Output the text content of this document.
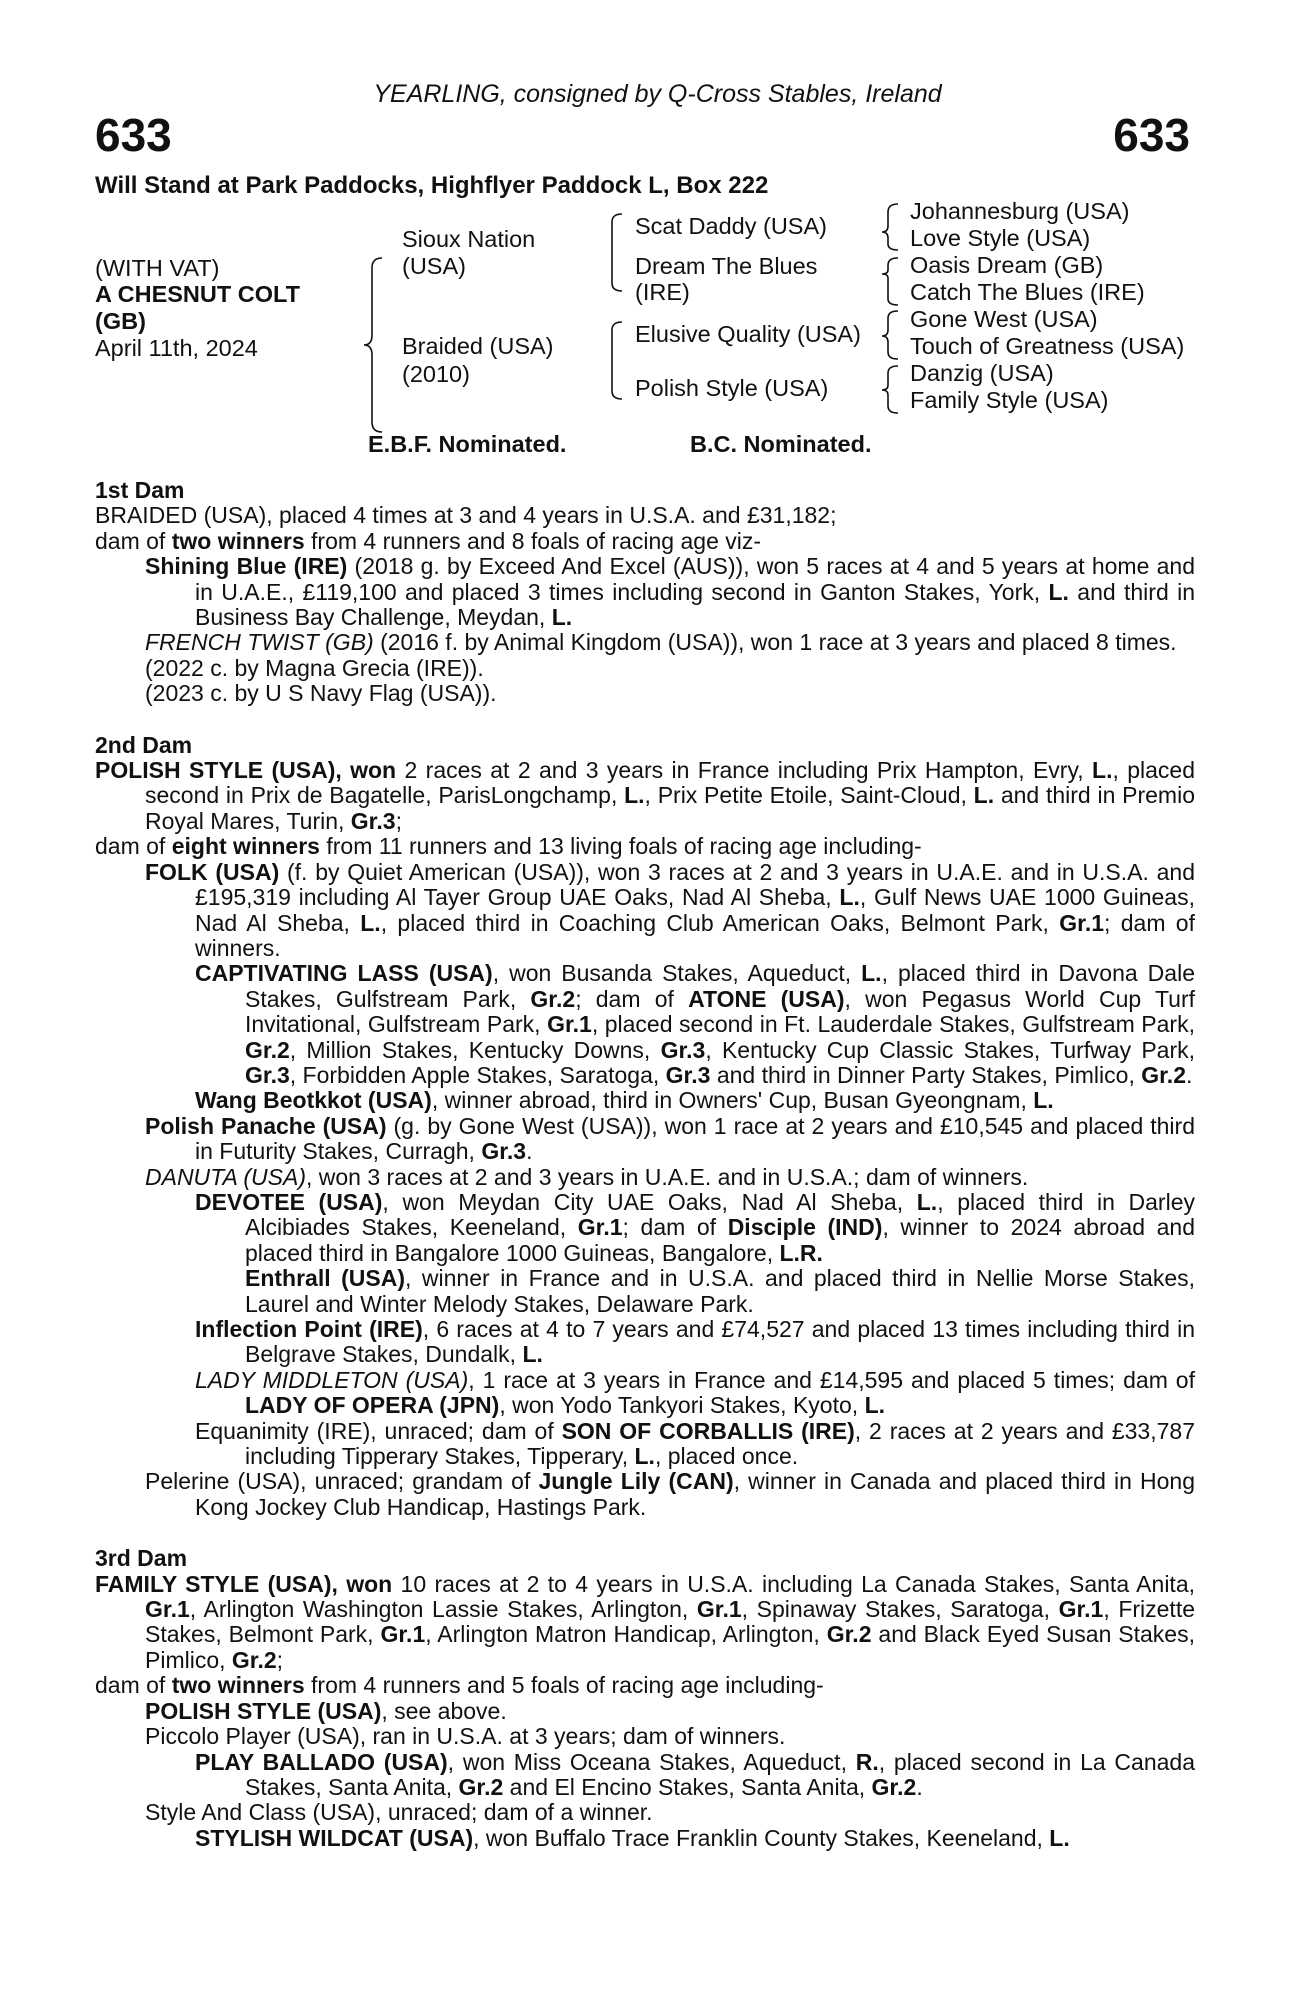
YEARLING, consigned by Q-Cross Stables, Ireland
633	633
Will Stand at Park Paddocks, Highflyer Paddock L, Box 222
(WITH VAT)
A CHESNUT COLT
(GB)
April 11th, 2024
Sioux Nation
(USA)
Braided (USA)
(2010)
Scat Daddy (USA)
Dream The Blues
(IRE)
Elusive Quality (USA)
Polish Style (USA)
Johannesburg (USA)
Love Style (USA)
Oasis Dream (GB)
Catch The Blues (IRE)
Gone West (USA)
Touch of Greatness (USA)
Danzig (USA)
Family Style (USA)
E.B.F. Nominated.	B.C. Nominated.
1st Dam
BRAIDED (USA), placed 4 times at 3 and 4 years in U.S.A. and £31,182;
dam of two winners from 4 runners and 8 foals of racing age viz-
Shining Blue (IRE) (2018 g. by Exceed And Excel (AUS)), won 5 races at 4 and 5 years at home and in U.A.E., £119,100 and placed 3 times including second in Ganton Stakes, York, L. and third in Business Bay Challenge, Meydan, L.
FRENCH TWIST (GB) (2016 f. by Animal Kingdom (USA)), won 1 race at 3 years and placed 8 times.
(2022 c. by Magna Grecia (IRE)).
(2023 c. by U S Navy Flag (USA)).
2nd Dam
POLISH STYLE (USA), won 2 races at 2 and 3 years in France including Prix Hampton, Evry, L., placed second in Prix de Bagatelle, ParisLongchamp, L., Prix Petite Etoile, Saint-Cloud, L. and third in Premio Royal Mares, Turin, Gr.3;
dam of eight winners from 11 runners and 13 living foals of racing age including-
FOLK (USA) (f. by Quiet American (USA)), won 3 races at 2 and 3 years in U.A.E. and in U.S.A. and £195,319 including Al Tayer Group UAE Oaks, Nad Al Sheba, L., Gulf News UAE 1000 Guineas, Nad Al Sheba, L., placed third in Coaching Club American Oaks, Belmont Park, Gr.1; dam of winners.
CAPTIVATING LASS (USA), won Busanda Stakes, Aqueduct, L., placed third in Davona Dale Stakes, Gulfstream Park, Gr.2; dam of ATONE (USA), won Pegasus World Cup Turf Invitational, Gulfstream Park, Gr.1, placed second in Ft. Lauderdale Stakes, Gulfstream Park, Gr.2, Million Stakes, Kentucky Downs, Gr.3, Kentucky Cup Classic Stakes, Turfway Park, Gr.3, Forbidden Apple Stakes, Saratoga, Gr.3 and third in Dinner Party Stakes, Pimlico, Gr.2.
Wang Beotkkot (USA), winner abroad, third in Owners' Cup, Busan Gyeongnam, L.
Polish Panache (USA) (g. by Gone West (USA)), won 1 race at 2 years and £10,545 and placed third in Futurity Stakes, Curragh, Gr.3.
DANUTA (USA), won 3 races at 2 and 3 years in U.A.E. and in U.S.A.; dam of winners.
DEVOTEE (USA), won Meydan City UAE Oaks, Nad Al Sheba, L., placed third in Darley Alcibiades Stakes, Keeneland, Gr.1; dam of Disciple (IND), winner to 2024 abroad and placed third in Bangalore 1000 Guineas, Bangalore, L.R.
Enthrall (USA), winner in France and in U.S.A. and placed third in Nellie Morse Stakes, Laurel and Winter Melody Stakes, Delaware Park.
Inflection Point (IRE), 6 races at 4 to 7 years and £74,527 and placed 13 times including third in Belgrave Stakes, Dundalk, L.
LADY MIDDLETON (USA), 1 race at 3 years in France and £14,595 and placed 5 times; dam of LADY OF OPERA (JPN), won Yodo Tankyori Stakes, Kyoto, L.
Equanimity (IRE), unraced; dam of SON OF CORBALLIS (IRE), 2 races at 2 years and £33,787 including Tipperary Stakes, Tipperary, L., placed once.
Pelerine (USA), unraced; grandam of Jungle Lily (CAN), winner in Canada and placed third in Hong Kong Jockey Club Handicap, Hastings Park.
3rd Dam
FAMILY STYLE (USA), won 10 races at 2 to 4 years in U.S.A. including La Canada Stakes, Santa Anita, Gr.1, Arlington Washington Lassie Stakes, Arlington, Gr.1, Spinaway Stakes, Saratoga, Gr.1, Frizette Stakes, Belmont Park, Gr.1, Arlington Matron Handicap, Arlington, Gr.2 and Black Eyed Susan Stakes, Pimlico, Gr.2;
dam of two winners from 4 runners and 5 foals of racing age including-
POLISH STYLE (USA), see above.
Piccolo Player (USA), ran in U.S.A. at 3 years; dam of winners.
PLAY BALLADO (USA), won Miss Oceana Stakes, Aqueduct, R., placed second in La Canada Stakes, Santa Anita, Gr.2 and El Encino Stakes, Santa Anita, Gr.2.
Style And Class (USA), unraced; dam of a winner.
STYLISH WILDCAT (USA), won Buffalo Trace Franklin County Stakes, Keeneland, L.
